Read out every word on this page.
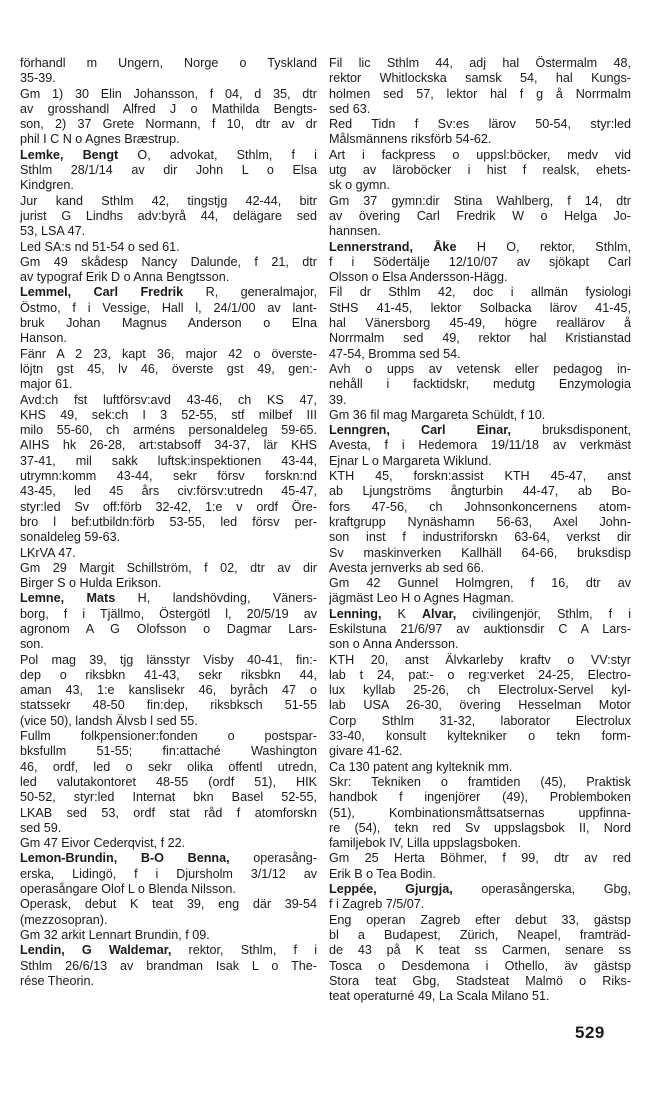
förhandl m Ungern, Norge o Tyskland
35-39.
Gm 1) 30 Elin Johansson, f 04, d 35, dtr
av grosshandl Alfred J o Mathilda Bengts-
son, 2) 37 Grete Normann, f 10, dtr av dr
phil I C N o Agnes Bræstrup.
Lemke, Bengt O, advokat, Sthlm, f i
Sthlm 28/1/14 av dir John L o Elsa
Kindgren.
Jur kand Sthlm 42, tingstjg 42-44, bitr
jurist G Lindhs adv:byrå 44, delägare sed
53, LSA 47.
Led SA:s nd 51-54 o sed 61.
Gm 49 skådesp Nancy Dalunde, f 21, dtr
av typograf Erik D o Anna Bengtsson.
Lemmel, Carl Fredrik R, generalmajor,
Östmo, f i Vessige, Hall l, 24/1/00 av lant-
bruk Johan Magnus Anderson o Elna
Hanson.
Fänr A 2 23, kapt 36, major 42 o överste-
löjtn gst 45, lv 46, överste gst 49, gen:-
major 61.
Avd:ch fst luftförsv:avd 43-46, ch KS 47,
KHS 49, sek:ch I 3 52-55, stf milbef III
milo 55-60, ch arméns personaldeleg 59-65.
AIHS hk 26-28, art:stabsoff 34-37, lär KHS
37-41, mil sakk luftsk:inspektionen 43-44,
utrymn:komm 43-44, sekr försv forskn:nd
43-45, led 45 års civ:försv:utredn 45-47,
styr:led Sv off:förb 32-42, 1:e v ordf Öre-
bro l bef:utbildn:förb 53-55, led försv per-
sonaldeleg 59-63.
LKrVA 47.
Gm 29 Margit Schillström, f 02, dtr av dir
Birger S o Hulda Erikson.
Lemne, Mats H, landshövding, Väners-
borg, f i Tjällmo, Östergötl l, 20/5/19 av
agronom A G Olofsson o Dagmar Lars-
son.
Pol mag 39, tjg länsstyr Visby 40-41, fin:-
dep o riksbkn 41-43, sekr riksbkn 44,
aman 43, 1:e kanslisekr 46, byråch 47 o
statssekr 48-50 fin:dep, riksbksch 51-55
(vice 50), landsh Älvsb l sed 55.
Fullm folkpensioner:fonden o postspar-
bksfullm 51-55; fin:attaché Washington
46, ordf, led o sekr olika offentl utredn,
led valutakontoret 48-55 (ordf 51), HIK
50-52, styr:led Internat bkn Basel 52-55,
LKAB sed 53, ordf stat råd f atomforskn
sed 59.
Gm 47 Eivor Cederqvist, f 22.
Lemon-Brundin, B-O Benna, operasång-
erska, Lidingö, f i Djursholm 3/1/12 av
operasångare Olof L o Blenda Nilsson.
Operask, debut K teat 39, eng där 39-54
(mezzosopran).
Gm 32 arkit Lennart Brundin, f 09.
Lendin, G Waldemar, rektor, Sthlm, f i
Sthlm 26/6/13 av brandman Isak L o The-
rése Theorin.
Fil lic Sthlm 44, adj hal Östermalm 48,
rektor Whitlockska samsk 54, hal Kungs-
holmen sed 57, lektor hal f g å Norrmalm
sed 63.
Red Tidn f Sv:es lärov 50-54, styr:led
Målsmännens riksförb 54-62.
Art i fackpress o uppsl:böcker, medv vid
utg av läroböcker i hist f realsk, ehets-
sk o gymn.
Gm 37 gymn:dir Stina Wahlberg, f 14, dtr
av övering Carl Fredrik W o Helga Jo-
hannsen.
Lennerstrand, Åke H O, rektor, Sthlm,
f i Södertälje 12/10/07 av sjökapt Carl
Olsson o Elsa Andersson-Hägg.
Fil dr Sthlm 42, doc i allmän fysiologi
StHS 41-45, lektor Solbacka lärov 41-45,
hal Vänersborg 45-49, högre reallärov å
Norrmalm sed 49, rektor hal Kristianstad
47-54, Bromma sed 54.
Avh o upps av vetensk eller pedagog in-
nehåll i facktidskr, medutg Enzymologia
39.
Gm 36 fil mag Margareta Schüldt, f 10.
Lenngren, Carl Einar, bruksdisponent,
Avesta, f i Hedemora 19/11/18 av verkmäst
Ejnar L o Margareta Wiklund.
KTH 45, forskn:assist KTH 45-47, anst
ab Ljungströms ångturbin 44-47, ab Bo-
fors 47-56, ch Johnsonkoncernens atom-
kraftgrupp Nynäshamn 56-63, Axel John-
son inst f industriforskn 63-64, verkst dir
Sv maskinverken Kallhäll 64-66, bruksdisp
Avesta jernverks ab sed 66.
Gm 42 Gunnel Holmgren, f 16, dtr av
jägmäst Leo H o Agnes Hagman.
Lenning, K Alvar, civilingenjör, Sthlm, f i
Eskilstuna 21/6/97 av auktionsdir C A Lars-
son o Anna Andersson.
KTH 20, anst Älvkarleby kraftv o VV:styr
lab t 24, pat:- o reg:verket 24-25, Electro-
lux kyllab 25-26, ch Electrolux-Servel kyl-
lab USA 26-30, övering Hesselman Motor
Corp Sthlm 31-32, laborator Electrolux
33-40, konsult kyltekniker o tekn form-
givare 41-62.
Ca 130 patent ang kylteknik mm.
Skr: Tekniken o framtiden (45), Praktisk
handbok f ingenjörer (49), Problemboken
(51), Kombinationsmåttsatsernas uppfinna-
re (54), tekn red Sv uppslagsbok II, Nord
familjebok IV, Lilla uppslagsboken.
Gm 25 Herta Böhmer, f 99, dtr av red
Erik B o Tea Bodin.
Leppée, Gjurgja, operasångerska, Gbg,
f i Zagreb 7/5/07.
Eng operan Zagreb efter debut 33, gästsp
bl a Budapest, Zürich, Neapel, framträd-
de 43 på K teat ss Carmen, senare ss
Tosca o Desdemona i Othello, äv gästsp
Stora teat Gbg, Stadsteat Malmö o Riks-
teat operaturné 49, La Scala Milano 51.
529
